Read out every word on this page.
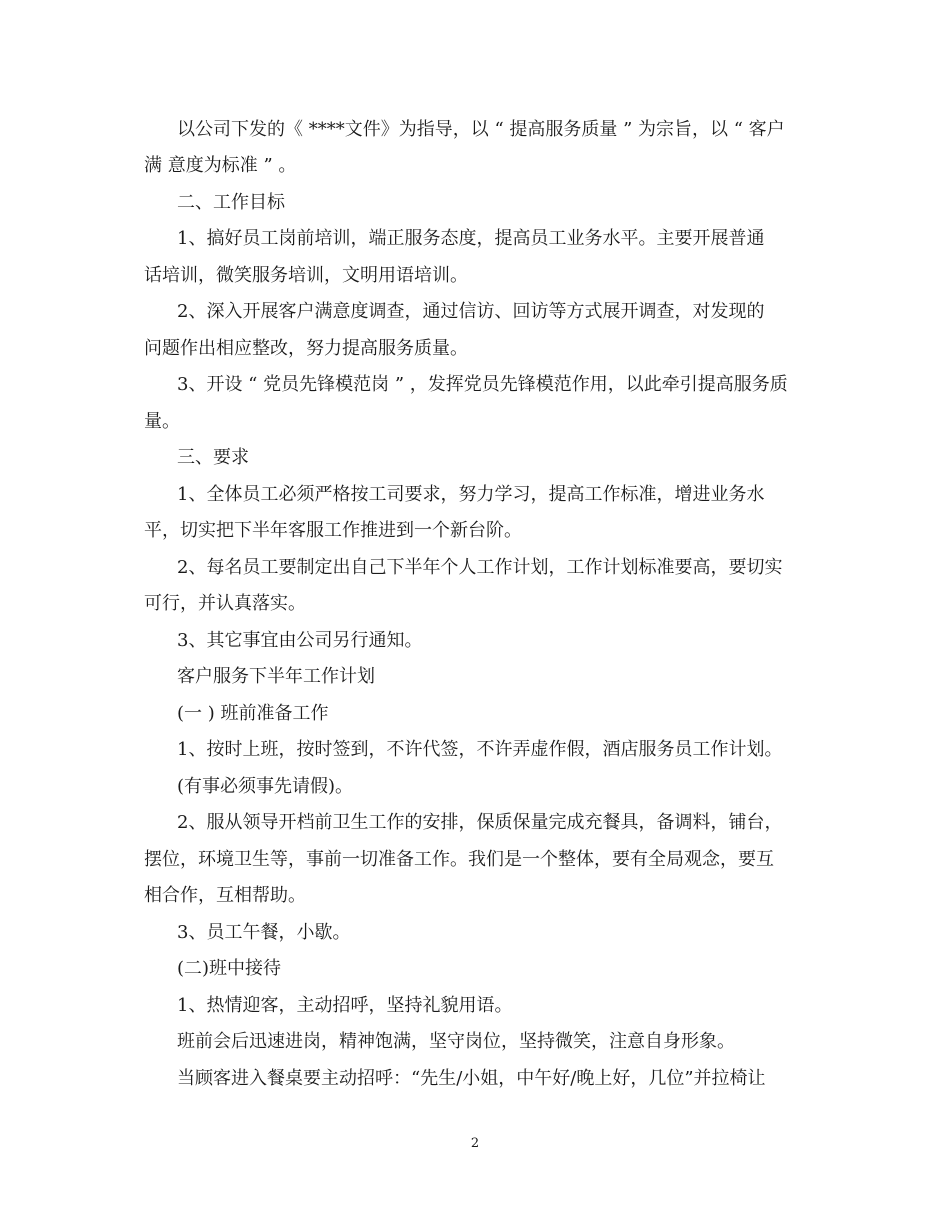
以公司下发的《 ****文件》为指导，以 “ 提高服务质量 ” 为宗旨，以 “ 客户
满 意度为标准 ” 。
二、工作目标
1、搞好员工岗前培训，端正服务态度，提高员工业务水平。主要开展普通
话培训，微笑服务培训，文明用语培训。
2、深入开展客户满意度调查，通过信访、回访等方式展开调查，对发现的
问题作出相应整改，努力提高服务质量。
3、开设 “ 党员先锋模范岗 ” ，发挥党员先锋模范作用，以此牵引提高服务质
量。
三、要求
1、全体员工必须严格按工司要求，努力学习，提高工作标准，增进业务水
平，切实把下半年客服工作推进到一个新台阶。
2、每名员工要制定出自己下半年个人工作计划，工作计划标准要高，要切实
可行，并认真落实。
3、其它事宜由公司另行通知。
客户服务下半年工作计划
(一 ) 班前准备工作
1、按时上班，按时签到，不许代签，不许弄虚作假，酒店服务员工作计划。
(有事必须事先请假)。
2、服从领导开档前卫生工作的安排，保质保量完成充餐具，备调料，铺台，
摆位，环境卫生等，事前一切准备工作。我们是一个整体，要有全局观念，要互
相合作，互相帮助。
3、员工午餐，小歇。
(二)班中接待
1、热情迎客，主动招呼，坚持礼貌用语。
班前会后迅速进岗，精神饱满，坚守岗位，坚持微笑，注意自身形象。
当顾客进入餐桌要主动招呼：“先生/小姐，中午好/晚上好，几位”并拉椅让
2
